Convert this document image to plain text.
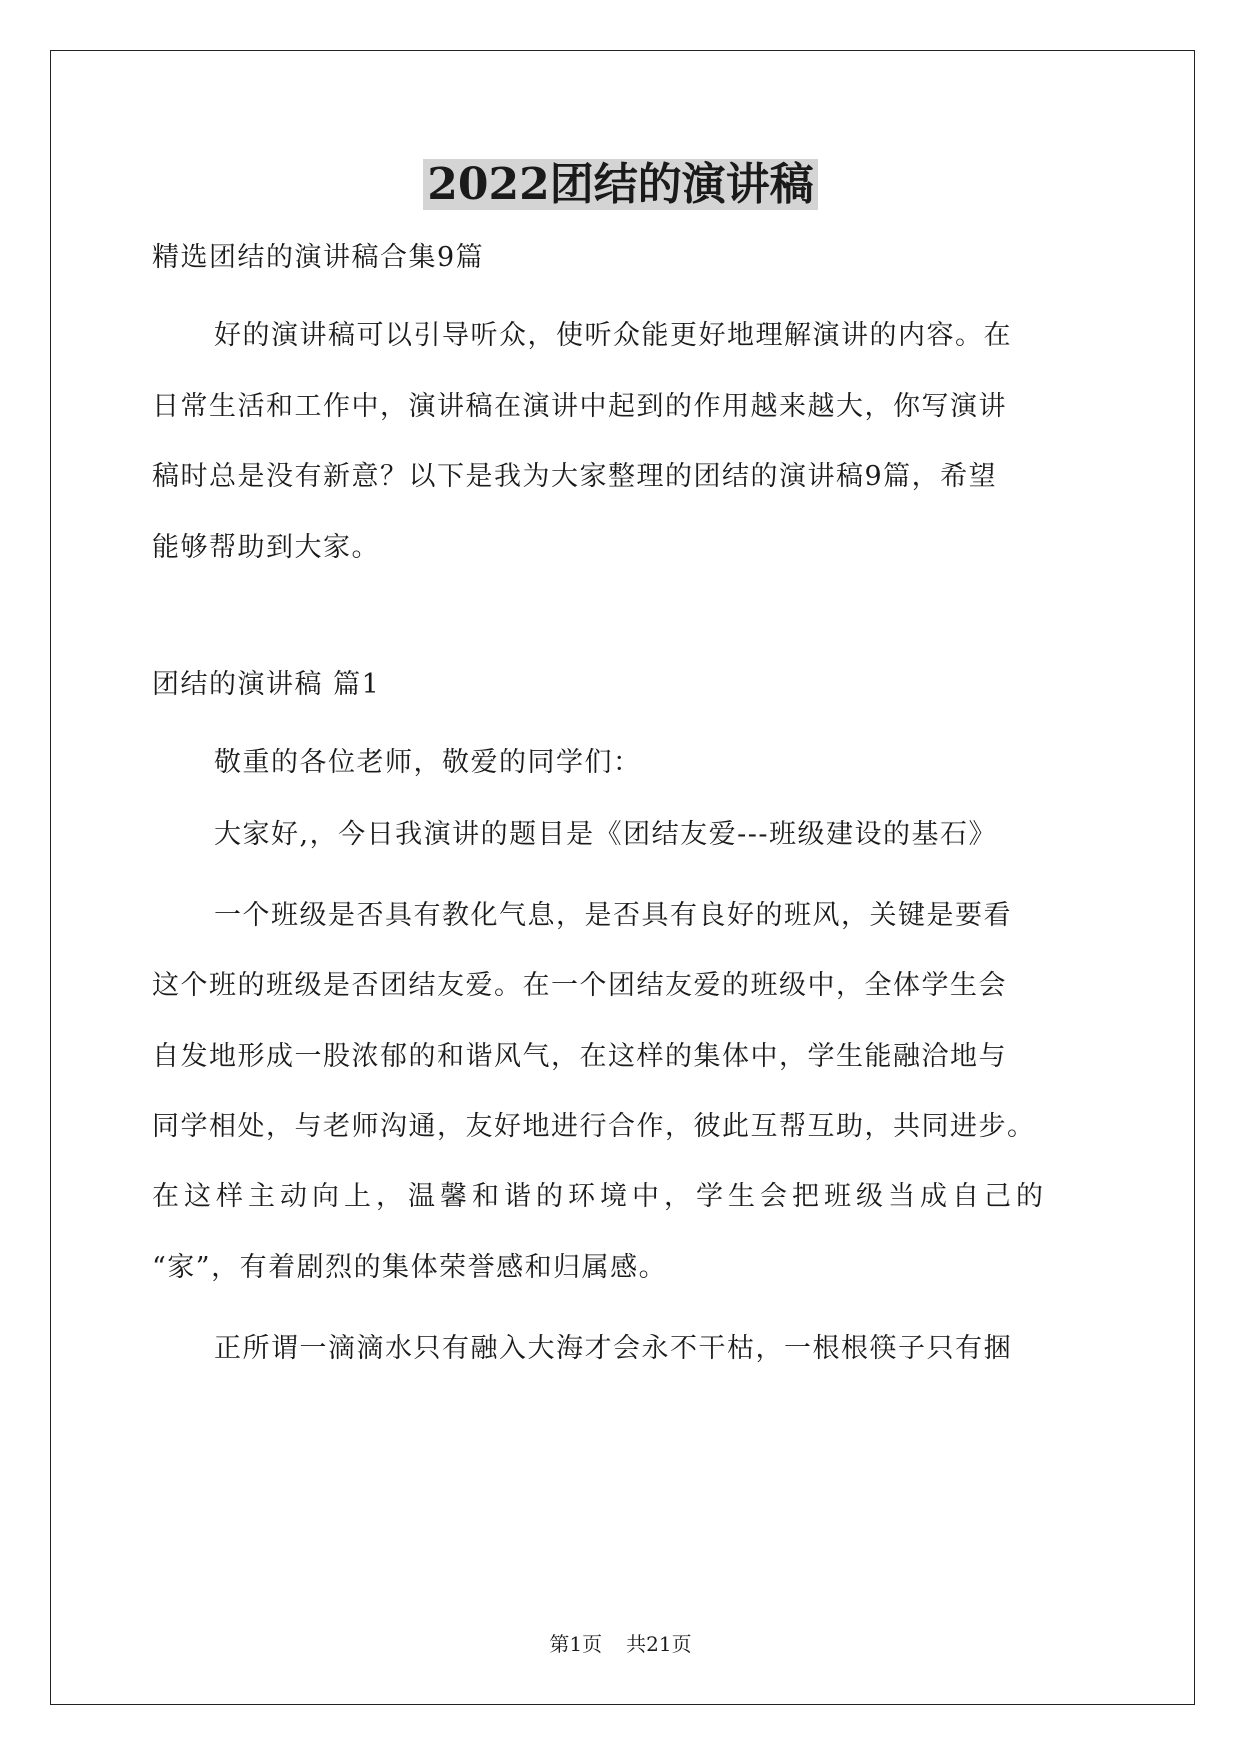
2022团结的演讲稿

精选团结的演讲稿合集9篇

好的演讲稿可以引导听众，使听众能更好地理解演讲的内容。在

日常生活和工作中，演讲稿在演讲中起到的作用越来越大，你写演讲

稿时总是没有新意？以下是我为大家整理的团结的演讲稿9篇，希望

能够帮助到大家。

团结的演讲稿 篇1

敬重的各位老师，敬爱的同学们：

大家好,，今日我演讲的题目是《团结友爱---班级建设的基石》

一个班级是否具有教化气息，是否具有良好的班风，关键是要看

这个班的班级是否团结友爱。在一个团结友爱的班级中，全体学生会

自发地形成一股浓郁的和谐风气，在这样的集体中，学生能融洽地与

同学相处，与老师沟通，友好地进行合作，彼此互帮互助，共同进步。

在这样主动向上，温馨和谐的环境中，学生会把班级当成自己的

“家”，有着剧烈的集体荣誉感和归属感。

正所谓一滴滴水只有融入大海才会永不干枯，一根根筷子只有捆

第1页 共21页
